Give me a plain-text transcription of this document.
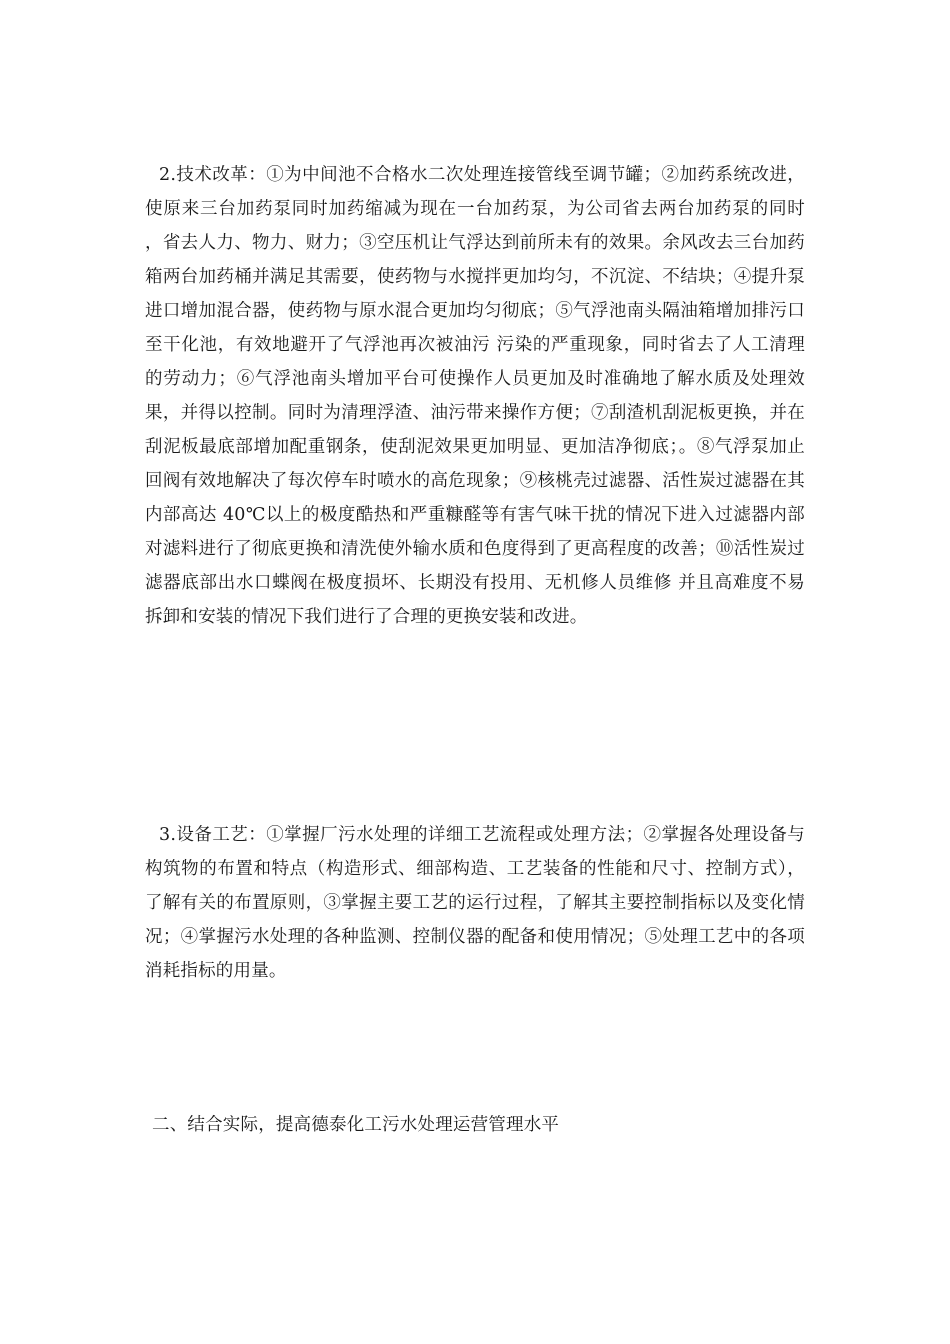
2.技术改革：①为中间池不合格水二次处理连接管线至调节罐；②加药系统改进，使原来三台加药泵同时加药缩减为现在一台加药泵，为公司省去两台加药泵的同时 ，省去人力、物力、财力；③空压机让气浮达到前所未有的效果。余风改去三台加药箱两台加药桶并满足其需要，使药物与水搅拌更加均匀，不沉淀、不结块；④提升泵进口增加混合器，使药物与原水混合更加均匀彻底；⑤气浮池南头隔油箱增加排污口至干化池，有效地避开了气浮池再次被油污 污染的严重现象，同时省去了人工清理的劳动力；⑥气浮池南头增加平台可使操作人员更加及时准确地了解水质及处理效果，并得以控制。同时为清理浮渣、油污带来操作方便；⑦刮渣机刮泥板更换，并在刮泥板最底部增加配重钢条，使刮泥效果更加明显、更加洁净彻底；。⑧气浮泵加止回阀有效地解决了每次停车时喷水的高危现象；⑨核桃壳过滤器、活性炭过滤器在其内部高达 40℃以上的极度酷热和严重糠醛等有害气味干扰的情况下进入过滤器内部对滤料进行了彻底更换和清洗使外输水质和色度得到了更高程度的改善；⑩活性炭过滤器底部出水口蝶阀在极度损坏、长期没有投用、无机修人员维修 并且高难度不易拆卸和安装的情况下我们进行了合理的更换安装和改进。

3.设备工艺：①掌握厂污水处理的详细工艺流程或处理方法；②掌握各处理设备与构筑物的布置和特点（构造形式、细部构造、工艺装备的性能和尺寸、控制方式），了解有关的布置原则，③掌握主要工艺的运行过程，了解其主要控制指标以及变化情况；④掌握污水处理的各种监测、控制仪器的配备和使用情况；⑤处理工艺中的各项消耗指标的用量。

二、结合实际，提高德泰化工污水处理运营管理水平
